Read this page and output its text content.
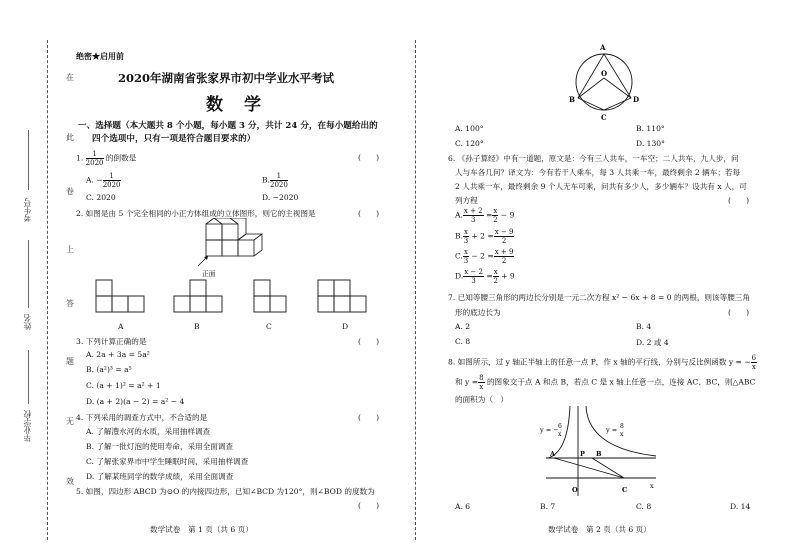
在
此
卷
上
答
题
无
效
考生号
姓名
毕业学校
绝密★启用前
2020年湖南省张家界市初中学业水平考试
数　学
一、选择题（本大题共 8 个小题，每小题 3 分，共计 24 分，在每小题给出的
四个选项中，只有一项是符合题目要求的）
1. $\frac{1}{2020}$ 的倒数是	(　　)
A. − $\frac{1}{2020}$	B. $\frac{1}{2020}$
C. 2020	D. −2020
2. 如图是由 5 个完全相同的小正方体组成的立体图形，则它的主视图是	(　　)
正面
A	B	C	D
3. 下列计算正确的是	(　　)
A. 2a + 3a = 5a²
B. (a²)³ = a⁵
C. (a + 1)² = a² + 1
D. (a + 2)(a − 2) = a² − 4
4. 下列采用的调查方式中，不合适的是	(　　)
A. 了解澧水河的水质，采用抽样调查
B. 了解一批灯泡的使用寿命，采用全面调查
C. 了解张家界市中学生睡眠时间，采用抽样调查
D. 了解某班同学的数学成绩，采用全面调查
5. 如图，四边形 ABCD 为⊙O 的内接四边形，已知∠BCD 为120°，则∠BOD 的度数为
(　　)
数学试卷　第 1 页（共 6 页）
A
B
C
D
O
A. 100°	B. 110°
C. 120°	D. 130°
6. 《孙子算经》中有一道题，原文是：今有三人共车，一车空；二人共车，九人步，问
人与车各几何？译文为：今有若干人乘车，每 3 人共乘一车，最终剩余 2 辆车；若每
2 人共乘一车，最终剩余 9 个人无车可乘，问共有多少人，多少辆车？设共有 x 人，可
列方程	(　　)
A. $\frac{x + 2}{3} = \frac{x}{2} - 9$
B. $\frac{x}{3} + 2 = \frac{x - 9}{2}$
C. $\frac{x}{3} - 2 = \frac{x + 9}{2}$
D. $\frac{x - 2}{3} = \frac{x}{2} + 9$
7. 已知等腰三角形的两边长分别是一元二次方程 x² − 6x + 8 = 0 的两根，则该等腰三角
形的底边长为	(　　)
A. 2	B. 4
C. 8	D. 2 或 4
8. 如图所示，过 y 轴正半轴上的任意一点 P，作 x 轴的平行线，分别与反比例函数 y = − $\frac{6}{x}$
和 $y = \frac{8}{x}$ 的图象交于点 A 和点 B，若点 C 是 x 轴上任意一点，连接 AC、BC，则△ABC
的面积为（　）
y = −	y =
6
x
8
x
A	P B
O	C	x
A. 6	B. 7	C. 8	D. 14
数学试卷　第 2 页（共 6 页）
